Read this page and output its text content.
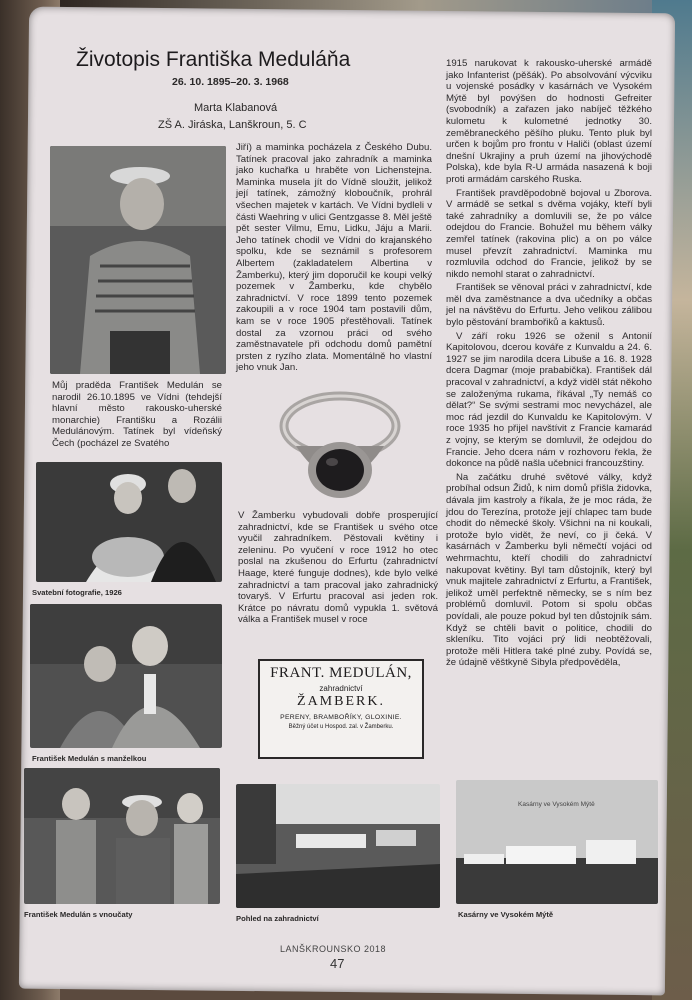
Životopis Františka Meduláňa
26. 10. 1895–20. 3. 1968
Marta Klabanová
ZŠ A. Jiráska, Lanškroun, 5. C
Můj praděda František Medulán se narodil 26.10.1895 ve Vídni (tehdejší hlavní město rakousko-uherské monarchie) Františku a Rozálii Medulánovým. Tatínek byl vídeňský Čech (pocházel ze Svatého
Svatební fotografie, 1926
František Medulán s manželkou
František Medulán s vnoučaty
Jiří) a maminka pocházela z Českého Dubu. Tatínek pracoval jako zahradník a maminka jako kuchařka u hraběte von Lichenstejna. Maminka musela jít do Vídně sloužit, jelikož její tatínek, zámožný kloboučník, prohrál všechen majetek v kartách. Ve Vídni bydleli v části Waehring v ulici Gentzgasse 8. Měl ještě pět sester Vilmu, Emu, Lidku, Jáju a Marii. Jeho tatínek chodil ve Vídni do krajanského spolku, kde se seznámil s profesorem Albertem (zakladatelem Albertina v Žamberku), který jim doporučil ke koupi velký pozemek v Žamberku, kde chybělo zahradnictví. V roce 1899 tento pozemek zakoupili a v roce 1904 tam postavili dům, kam se v roce 1905 přestěhovali. Tatínek dostal za vzornou práci od svého zaměstnavatele při odchodu domů pamětní prsten z ryzího zlata. Momentálně ho vlastní jeho vnuk Jan.
V Žamberku vybudovali dobře prosperující zahradnictví, kde se František u svého otce vyučil zahradníkem. Pěstovali květiny i zeleninu. Po vyučení v roce 1912 ho otec poslal na zkušenou do Erfurtu (zahradnictví Haage, které funguje dodnes), kde bylo velké zahradnictví a tam pracoval jako zahradnický tovaryš. V Erfurtu pracoval asi jeden rok. Krátce po návratu domů vypukla 1. světová válka a František musel v roce
FRANT. MEDULÁN,
zahradnictví
ŽAMBERK.
PERENY, BRAMBOŘÍKY, GLOXINIE.
Běžný účet u Hospod. zal. v Žamberku.
Pohled na zahradnictví
1915 narukovat k rakousko-uherské armádě jako Infanterist (pěšák). Po absolvování výcviku u vojenské posádky v kasárnách ve Vysokém Mýtě byl povýšen do hodnosti Gefreiter (svobodník) a zařazen jako nabíječ těžkého kulometu k kulometné jednotky 30. zeměbraneckého pěšího pluku. Tento pluk byl určen k bojům pro frontu v Haliči (oblast území dnešní Ukrajiny a pruh území na jihovýchodě Polska), kde byla R-U armáda nasazená k boji proti armádám carského Ruska.
František pravděpodobně bojoval u Zborova. V armádě se setkal s dvěma vojáky, kteří byli také zahradníky a domluvili se, že po válce odejdou do Francie. Bohužel mu během války zemřel tatínek (rakovina plic) a on po válce musel převzít zahradnictví. Maminka mu rozmluvila odchod do Francie, jelikož by se nikdo nemohl starat o zahradnictví.
František se věnoval práci v zahradnictví, kde měl dva zaměstnance a dva učedníky a občas jel na návštěvu do Erfurtu. Jeho velikou zálibou bylo pěstování brambořiků a kaktusů.
V září roku 1926 se oženil s Antonií Kapitolovou, dcerou kováře z Kunvaldu a 24. 6. 1927 se jim narodila dcera Libuše a 16. 8. 1928 dcera Dagmar (moje prababička). František dál pracoval v zahradnictví, a když viděl stát někoho se založenýma rukama, říkával „Ty nemáš co dělat?“ Se svými sestrami moc nevycházel, ale moc rád jezdil do Kunvaldu ke Kapitolovým. V roce 1935 ho přijel navštívit z Francie kamarád z vojny, se kterým se domluvil, že odejdou do Francie. Jeho dcera nám v rozhovoru řekla, že dokonce na půdě našla učebnici francouzštiny.
Na začátku druhé světové války, když probíhal odsun Židů, k nim domů přišla židovka, dávala jim kastroly a říkala, že je moc ráda, že jdou do Terezína, protože její chlapec tam bude chodit do německé školy. Všichni na ni koukali, protože bylo vidět, že neví, co ji čeká. V kasárnách v Žamberku byli němečtí vojáci od wehrmachtu, kteří chodili do zahradnictví nakupovat květiny. Byl tam důstojník, který byl vnuk majitele zahradnictví z Erfurtu, a František, jelikož uměl perfektně německy, se s ním bez problémů domluvil. Potom si spolu občas povídali, ale pouze pokud byl ten důstojník sám. Když se chtěli bavit o politice, chodili do skleníku. Tito vojáci prý lidi neobtěžovali, protože měli Hitlera také plné zuby. Povídá se, že údajně věštkyně Sibyla předpověděla,
Kasárny ve Vysokém Mýtě
Kasárny ve Vysokém Mýtě
LANŠKROUNSKO 2018
47
